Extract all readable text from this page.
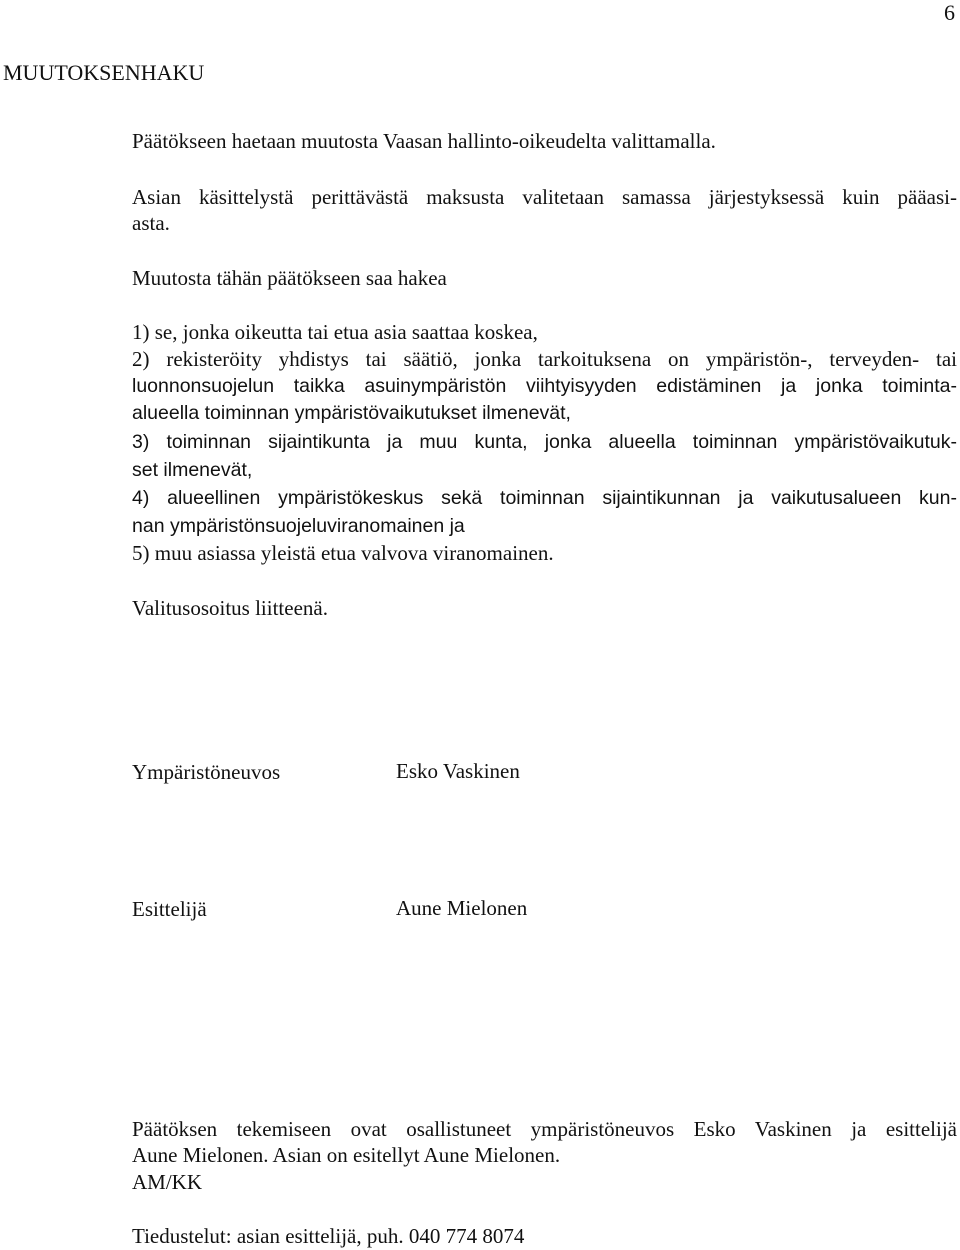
6
MUUTOKSENHAKU
Päätökseen haetaan muutosta Vaasan hallinto-oikeudelta valittamalla.
Asian käsittelystä perittävästä maksusta valitetaan samassa järjestyksessä kuin pääasi-
asta.
Muutosta tähän päätökseen saa hakea
1) se, jonka oikeutta tai etua asia saattaa koskea,
2) rekisteröity yhdistys tai säätiö, jonka tarkoituksena on ympäristön-, terveyden- tai
luonnonsuojelun taikka asuinympäristön viihtyisyyden edistäminen ja jonka toiminta-
alueella toiminnan ympäristövaikutukset ilmenevät,
3) toiminnan sijaintikunta ja muu kunta, jonka alueella toiminnan ympäristövaikutuk-
set ilmenevät,
4) alueellinen ympäristökeskus sekä toiminnan sijaintikunnan ja vaikutusalueen kun-
nan ympäristönsuojeluviranomainen ja
5) muu asiassa yleistä etua valvova viranomainen.
Valitusosoitus liitteenä.
Ympäristöneuvos	Esko Vaskinen
Esittelijä	Aune Mielonen
Päätöksen tekemiseen ovat osallistuneet ympäristöneuvos Esko Vaskinen ja esittelijä
Aune Mielonen. Asian on esitellyt Aune Mielonen.
AM/KK
Tiedustelut: asian esittelijä, puh. 040 774 8074
